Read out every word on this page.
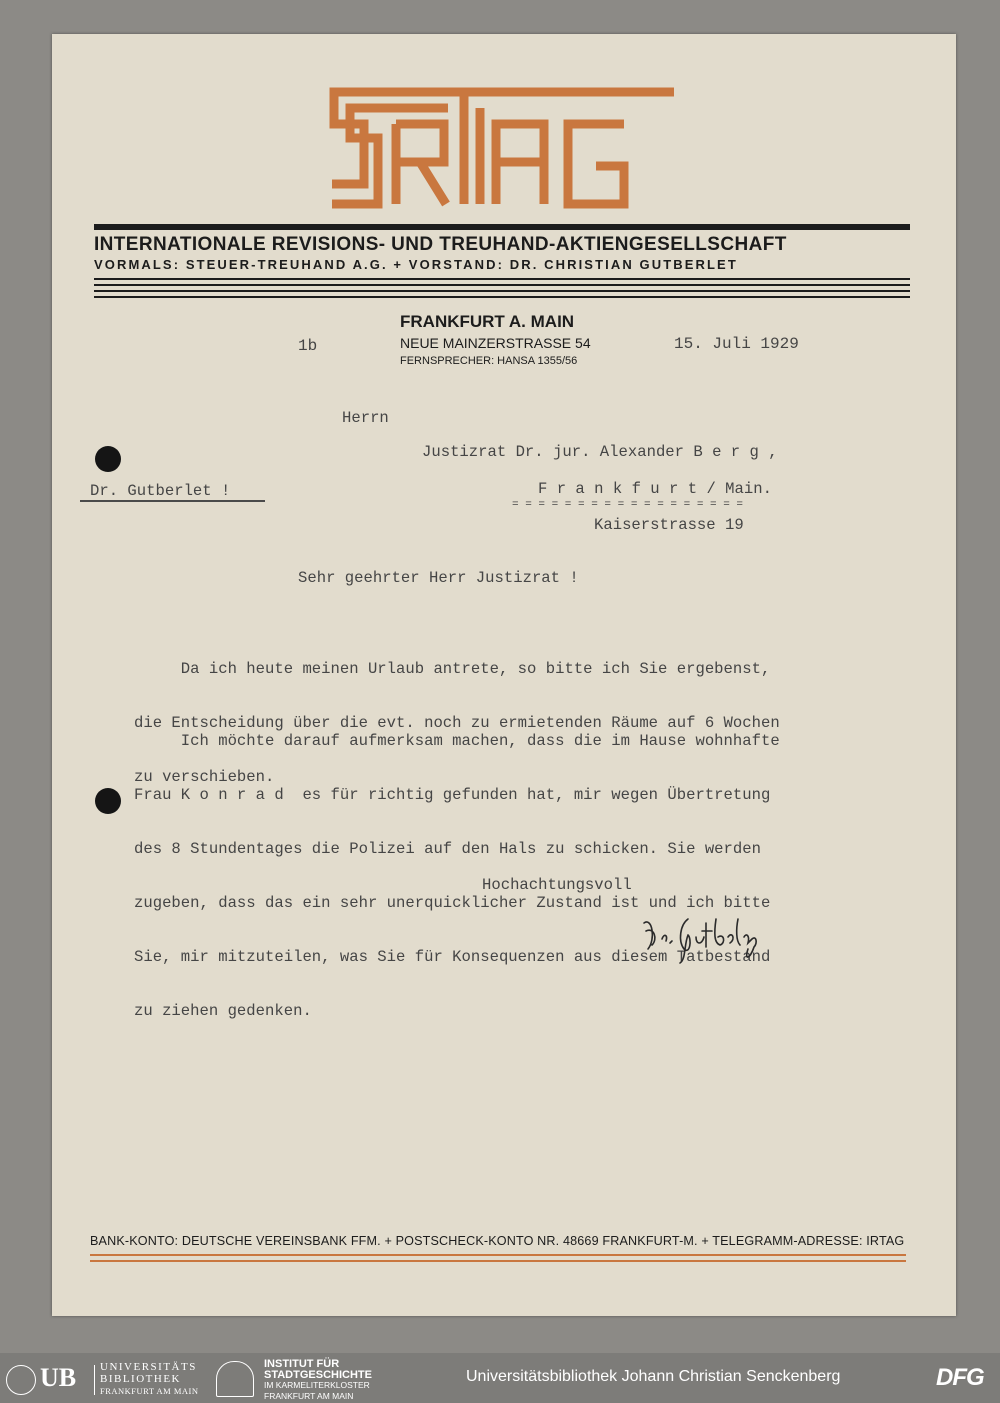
INTERNATIONALE REVISIONS- UND TREUHAND-AKTIENGESELLSCHAFT
VORMALS: STEUER-TREUHAND A.G. + VORSTAND: DR. CHRISTIAN GUTBERLET
FRANKFURT A. MAIN
NEUE MAINZERSTRASSE 54
FERNSPRECHER: HANSA 1355/56
1b	15. Juli 1929
Herrn
Justizrat Dr. jur. Alexander B e r g ,
F r a n k f u r t / Main.
= = = = = = = = = = = = = = = = = =
Kaiserstrasse 19
Dr. Gutberlet !
Sehr geehrter Herr Justizrat !

Da ich heute meinen Urlaub antrete, so bitte ich Sie ergebenst,

die Entscheidung über die evt. noch zu ermietenden Räume auf 6 Wochen

zu verschieben.

Ich möchte darauf aufmerksam machen, dass die im Hause wohnhafte

Frau K o n r a d  es für richtig gefunden hat, mir wegen Übertretung

des 8 Stundentages die Polizei auf den Hals zu schicken. Sie werden

zugeben, dass das ein sehr unerquicklicher Zustand ist und ich bitte

Sie, mir mitzuteilen, was Sie für Konsequenzen aus diesem Tatbestand

zu ziehen gedenken.

Hochachtungsvoll
BANK-KONTO: DEUTSCHE VEREINSBANK FFM. + POSTSCHECK-KONTO NR. 48669 FRANKFURT-M. + TELEGRAMM-ADRESSE: IRTAG
UB UNIVERSITÄTS
BIBLIOTHEK
FRANKFURT AM MAIN
INSTITUT FÜR
STADTGESCHICHTE
IM KARMELITERKLOSTER
FRANKFURT AM MAIN
Universitätsbibliothek Johann Christian Senckenberg	DFG
